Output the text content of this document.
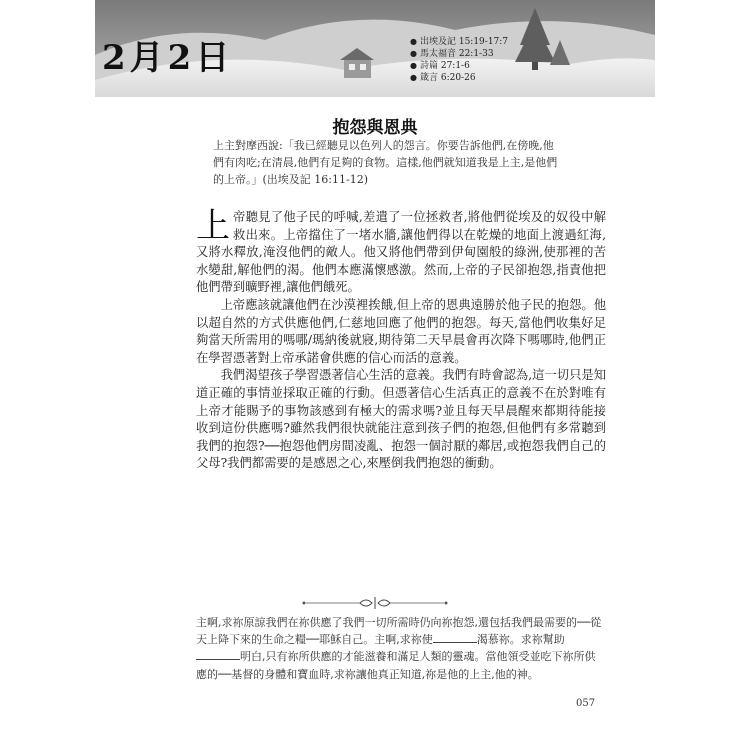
2月2日	● 出埃及記 15:19-17:7
● 馬太福音 22:1-33
● 詩篇 27:1-6
● 箴言 6:20-26
抱怨與恩典
上主對摩西說:「我已經聽見以色列人的怨言。你要告訴他們,在傍晚,他們有肉吃;在清晨,他們有足夠的食物。這樣,他們就知道我是上主,是他們的上帝。」(出埃及記 16:11-12)

上帝聽見了他子民的呼喊,差遣了一位拯救者,將他們從埃及的奴役中解救出來。上帝擋住了一堵水牆,讓他們得以在乾燥的地面上渡過紅海,又將水釋放,淹沒他們的敵人。他又將他們帶到伊甸園般的綠洲,使那裡的苦水變甜,解他們的渴。他們本應滿懷感激。然而,上帝的子民卻抱怨,指責他把他們帶到曠野裡,讓他們餓死。

上帝應該就讓他們在沙漠裡挨餓,但上帝的恩典遠勝於他子民的抱怨。他以超自然的方式供應他們,仁慈地回應了他們的抱怨。每天,當他們收集好足夠當天所需用的嗎哪/瑪納後就寢,期待第二天早晨會再次降下嗎哪時,他們正在學習憑著對上帝承諾會供應的信心而活的意義。

我們渴望孩子學習憑著信心生活的意義。我們有時會認為,這一切只是知道正確的事情並採取正確的行動。但憑著信心生活真正的意義不在於對唯有上帝才能賜予的事物該感到有極大的需求嗎?並且每天早晨醒來都期待能接收到這份供應嗎?雖然我們很快就能注意到孩子們的抱怨,但他們有多常聽到我們的抱怨?──抱怨他們房間凌亂、抱怨一個討厭的鄰居,或抱怨我們自己的父母?我們都需要的是感恩之心,來壓倒我們抱怨的衝動。

主啊,求祢原諒我們在祢供應了我們一切所需時仍向祢抱怨,還包括我們最需要的──從天上降下來的生命之糧──耶穌自己。主啊,求祢使	渴慕祢。求祢幫助明白,只有祢所供應的才能滋養和滿足人類的靈魂。當他領受並吃下祢所供應的──基督的身體和寶血時,求祢讓他真正知道,祢是他的上主,他的神。
057
